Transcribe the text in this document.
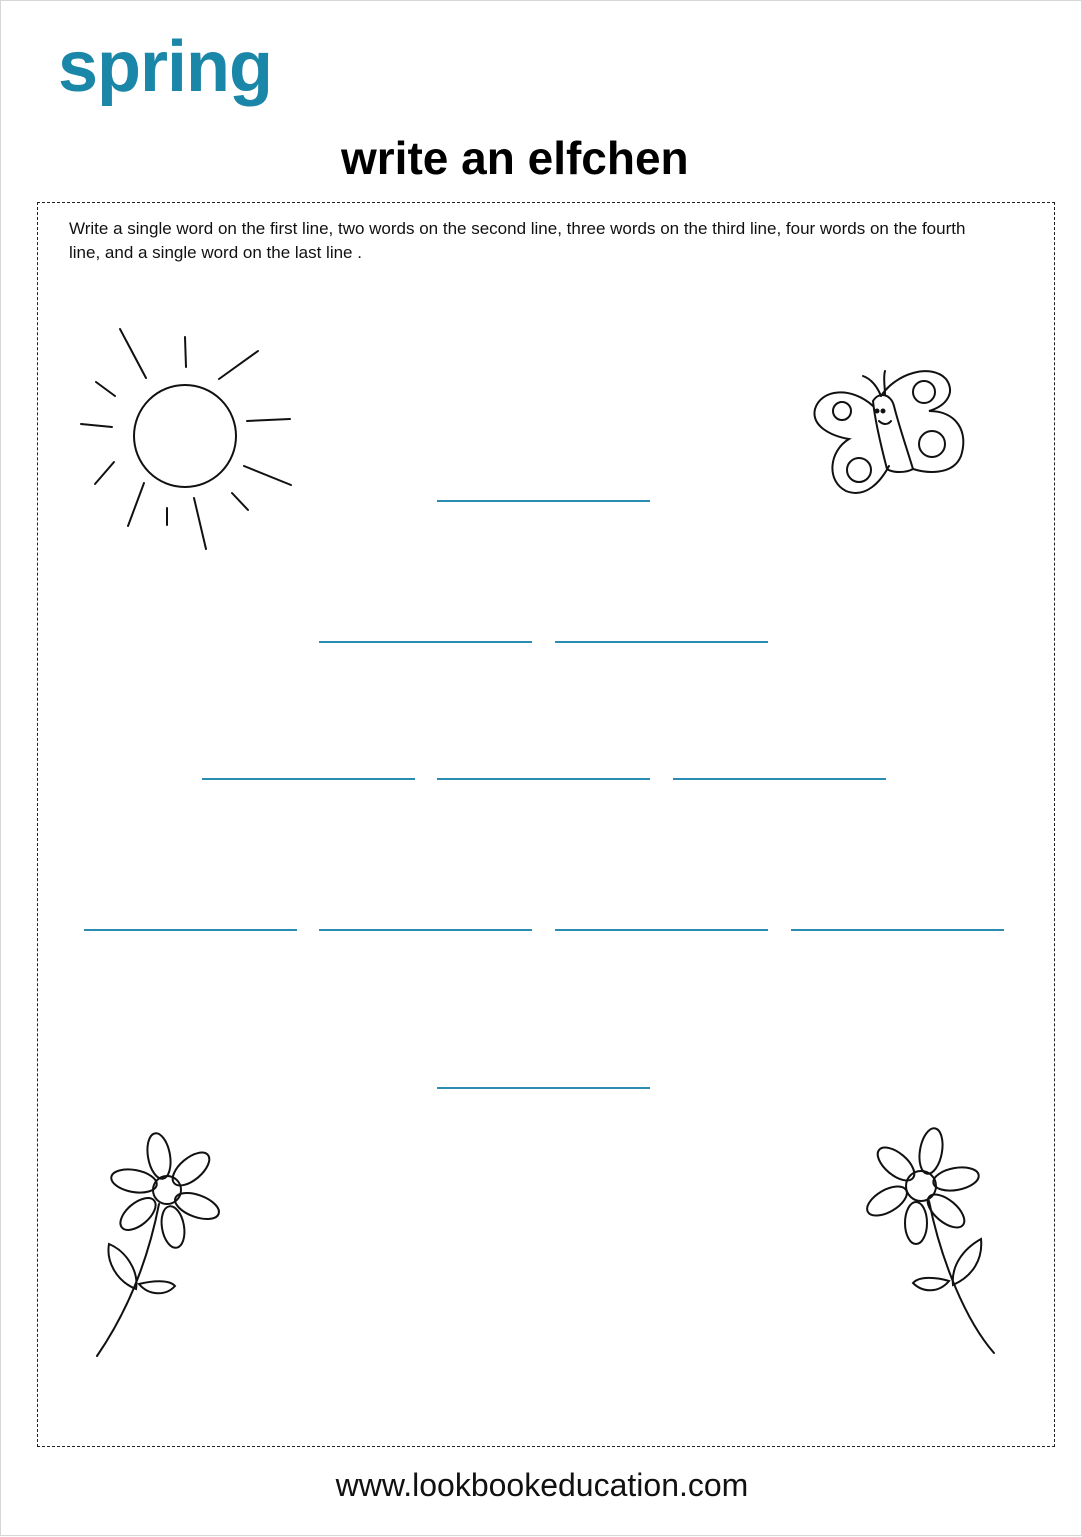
spring
write an elfchen
Write a single word on the first line, two words on the second line, three words on the third line, four words on the fourth line, and a single word on the last line .
www.lookbookeducation.com
